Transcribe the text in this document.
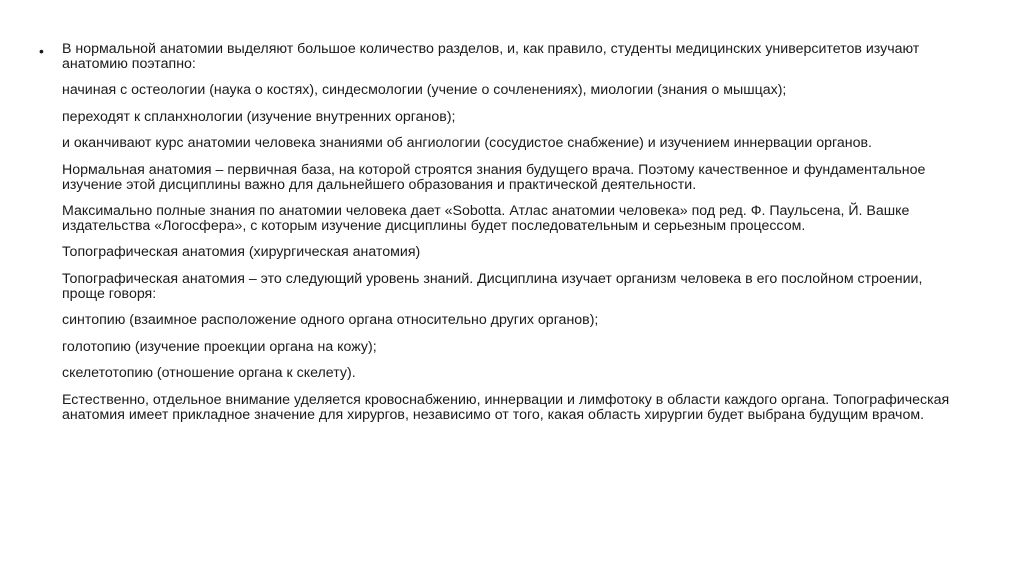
• В нормальной анатомии выделяют большое количество разделов, и, как правило, студенты медицинских университетов изучают анатомию поэтапно:

начиная с остеологии (наука о костях), синдесмологии (учение о сочленениях), миологии (знания о мышцах);

переходят к спланхнологии (изучение внутренних органов);

и оканчивают курс анатомии человека знаниями об ангиологии (сосудистое снабжение) и изучением иннервации органов.

Нормальная анатомия – первичная база, на которой строятся знания будущего врача. Поэтому качественное и фундаментальное изучение этой дисциплины важно для дальнейшего образования и практической деятельности.

Максимально полные знания по анатомии человека дает «Sobotta. Атлас анатомии человека» под ред. Ф. Паульсена, Й. Вашке издательства «Логосфера», с которым изучение дисциплины будет последовательным и серьезным процессом.

Топографическая анатомия (хирургическая анатомия)

Топографическая анатомия – это следующий уровень знаний. Дисциплина изучает организм человека в его послойном строении, проще говоря:

синтопию (взаимное расположение одного органа относительно других органов);

голотопию (изучение проекции органа на кожу);

скелетотопию (отношение органа к скелету).

Естественно, отдельное внимание уделяется кровоснабжению, иннервации и лимфотоку в области каждого органа. Топографическая анатомия имеет прикладное значение для хирургов, независимо от того, какая область хирургии будет выбрана будущим врачом.
